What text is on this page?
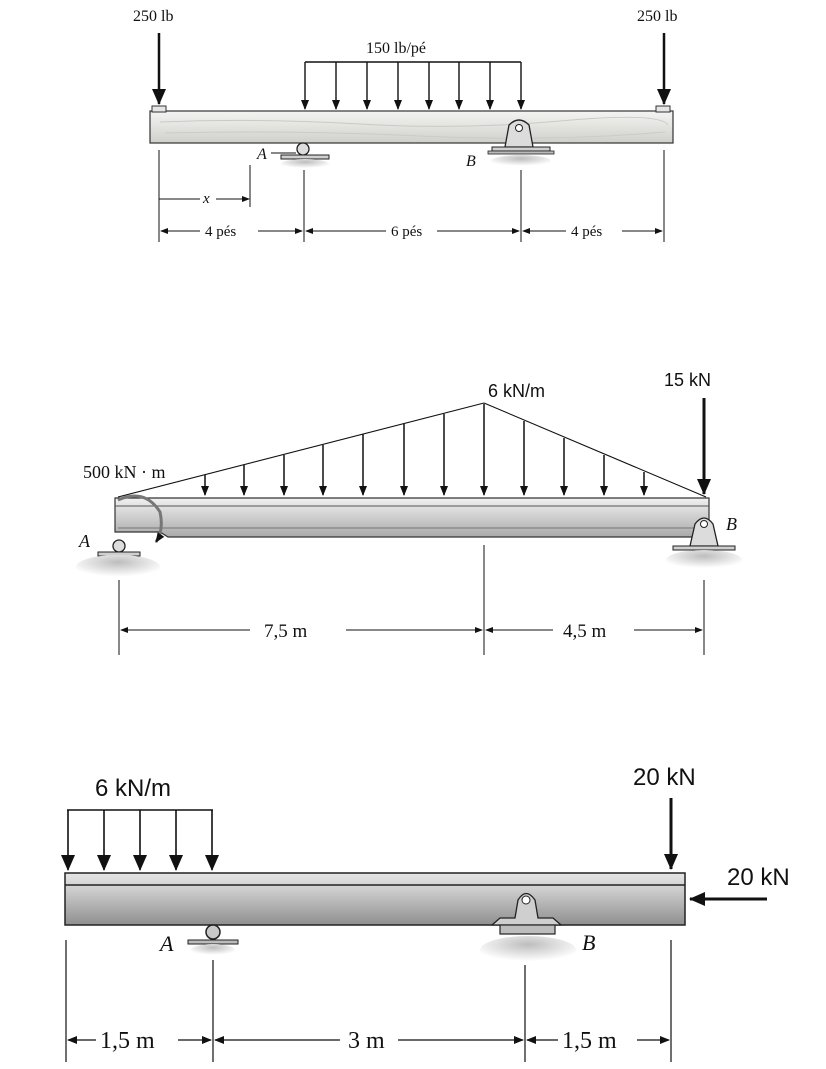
250 lb	250 lb
150 lb/pé
A	B
x
4 pés	6 pés	4 pés
6 kN/m
15 kN
500 kN · m
A
B
7,5 m	4,5 m
6 kN/m	20 kN
20 kN
A	B
1,5 m	3 m	1,5 m
